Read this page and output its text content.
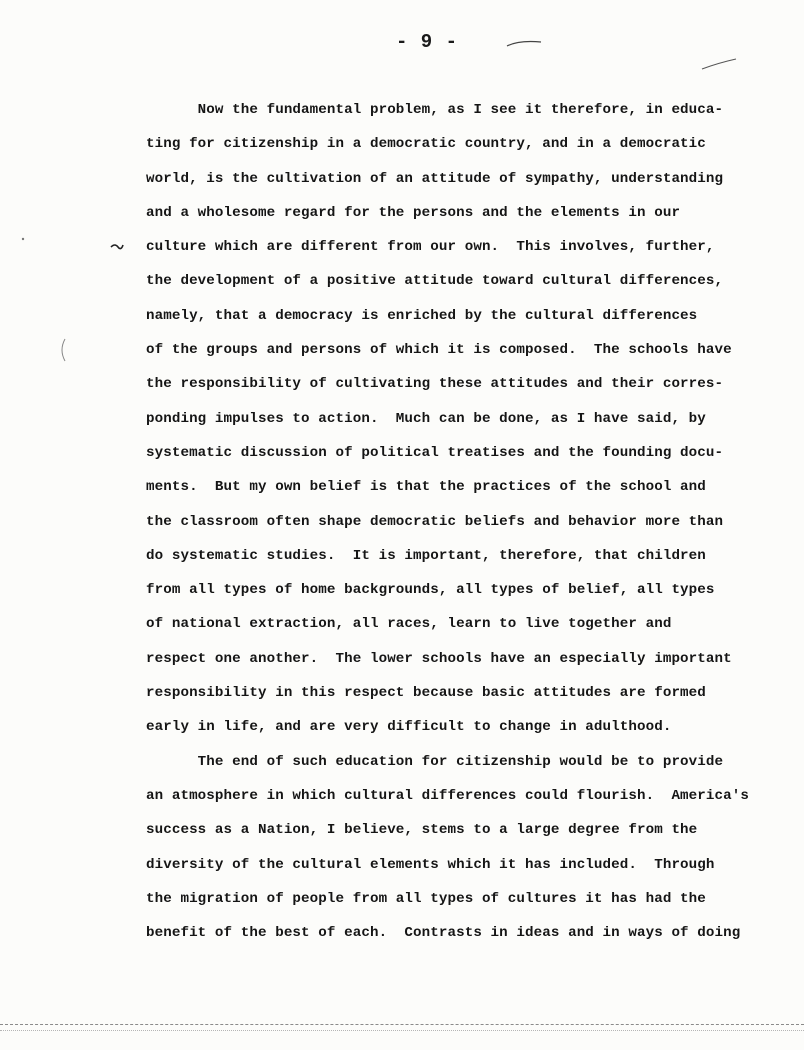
- 9 -
Now the fundamental problem, as I see it therefore, in educa-
ting for citizenship in a democratic country, and in a democratic
world, is the cultivation of an attitude of sympathy, understanding
and a wholesome regard for the persons and the elements in our
culture which are different from our own.  This involves, further,
the development of a positive attitude toward cultural differences,
namely, that a democracy is enriched by the cultural differences
of the groups and persons of which it is composed.  The schools have
the responsibility of cultivating these attitudes and their corres-
ponding impulses to action.  Much can be done, as I have said, by
systematic discussion of political treatises and the founding docu-
ments.  But my own belief is that the practices of the school and
the classroom often shape democratic beliefs and behavior more than
do systematic studies.  It is important, therefore, that children
from all types of home backgrounds, all types of belief, all types
of national extraction, all races, learn to live together and
respect one another.  The lower schools have an especially important
responsibility in this respect because basic attitudes are formed
early in life, and are very difficult to change in adulthood.
The end of such education for citizenship would be to provide
an atmosphere in which cultural differences could flourish.  America's
success as a Nation, I believe, stems to a large degree from the
diversity of the cultural elements which it has included.  Through
the migration of people from all types of cultures it has had the
benefit of the best of each.  Contrasts in ideas and in ways of doing
